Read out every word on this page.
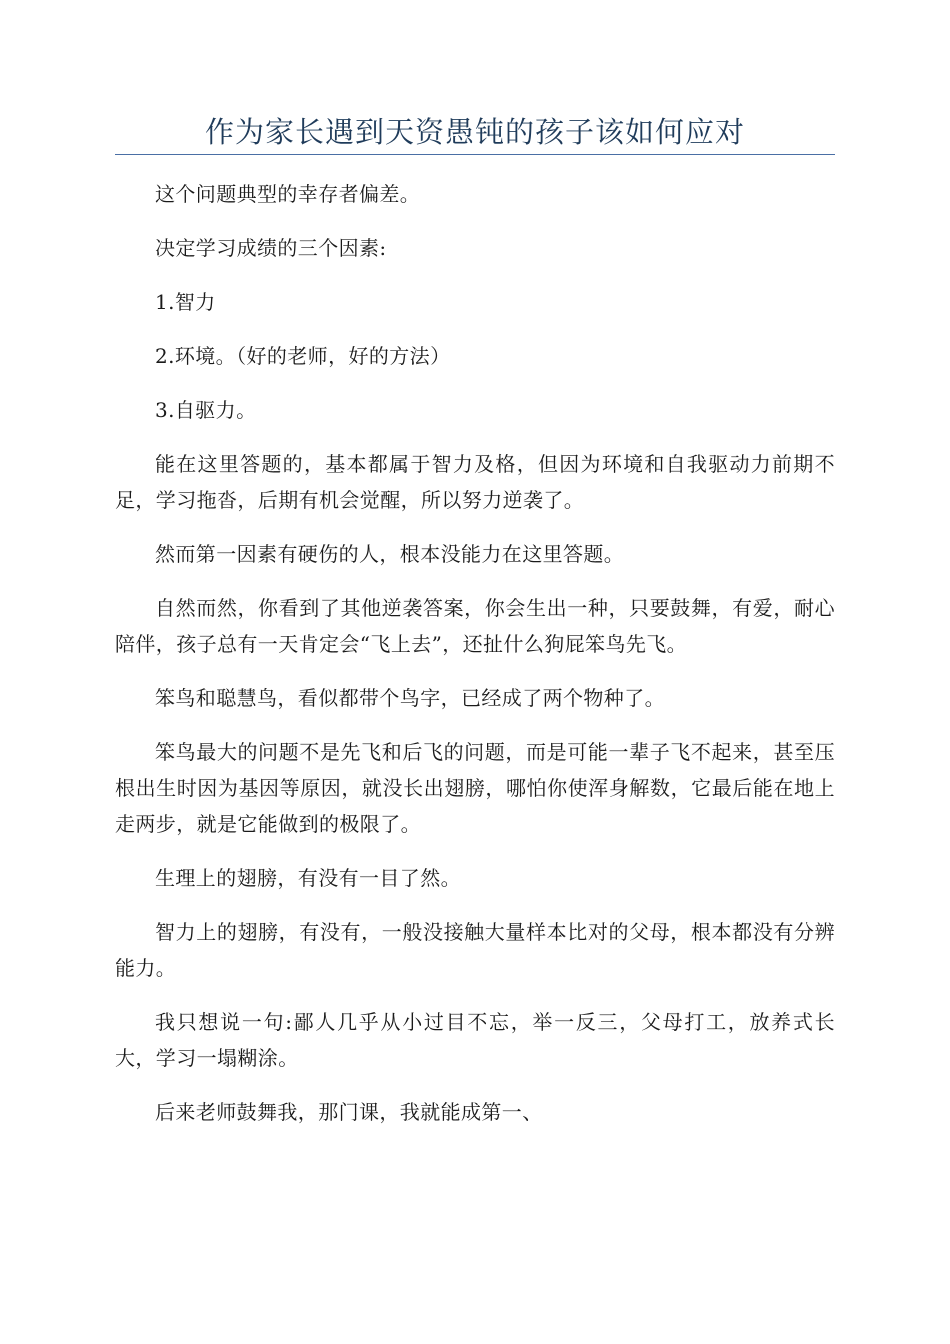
作为家长遇到天资愚钝的孩子该如何应对

这个问题典型的幸存者偏差。

决定学习成绩的三个因素:

1.智力

2.环境。（好的老师，好的方法）

3.自驱力。

能在这里答题的，基本都属于智力及格，但因为环境和自我驱动力前期不足，学习拖沓，后期有机会觉醒，所以努力逆袭了。

然而第一因素有硬伤的人，根本没能力在这里答题。

自然而然，你看到了其他逆袭答案，你会生出一种，只要鼓舞，有爱，耐心陪伴，孩子总有一天肯定会“飞上去”，还扯什么狗屁笨鸟先飞。

笨鸟和聪慧鸟，看似都带个鸟字，已经成了两个物种了。

笨鸟最大的问题不是先飞和后飞的问题，而是可能一辈子飞不起来，甚至压根出生时因为基因等原因，就没长出翅膀，哪怕你使浑身解数，它最后能在地上走两步，就是它能做到的极限了。

生理上的翅膀，有没有一目了然。

智力上的翅膀，有没有，一般没接触大量样本比对的父母，根本都没有分辨能力。

我只想说一句:鄙人几乎从小过目不忘，举一反三，父母打工，放养式长大，学习一塌糊涂。

后来老师鼓舞我，那门课，我就能成第一、
